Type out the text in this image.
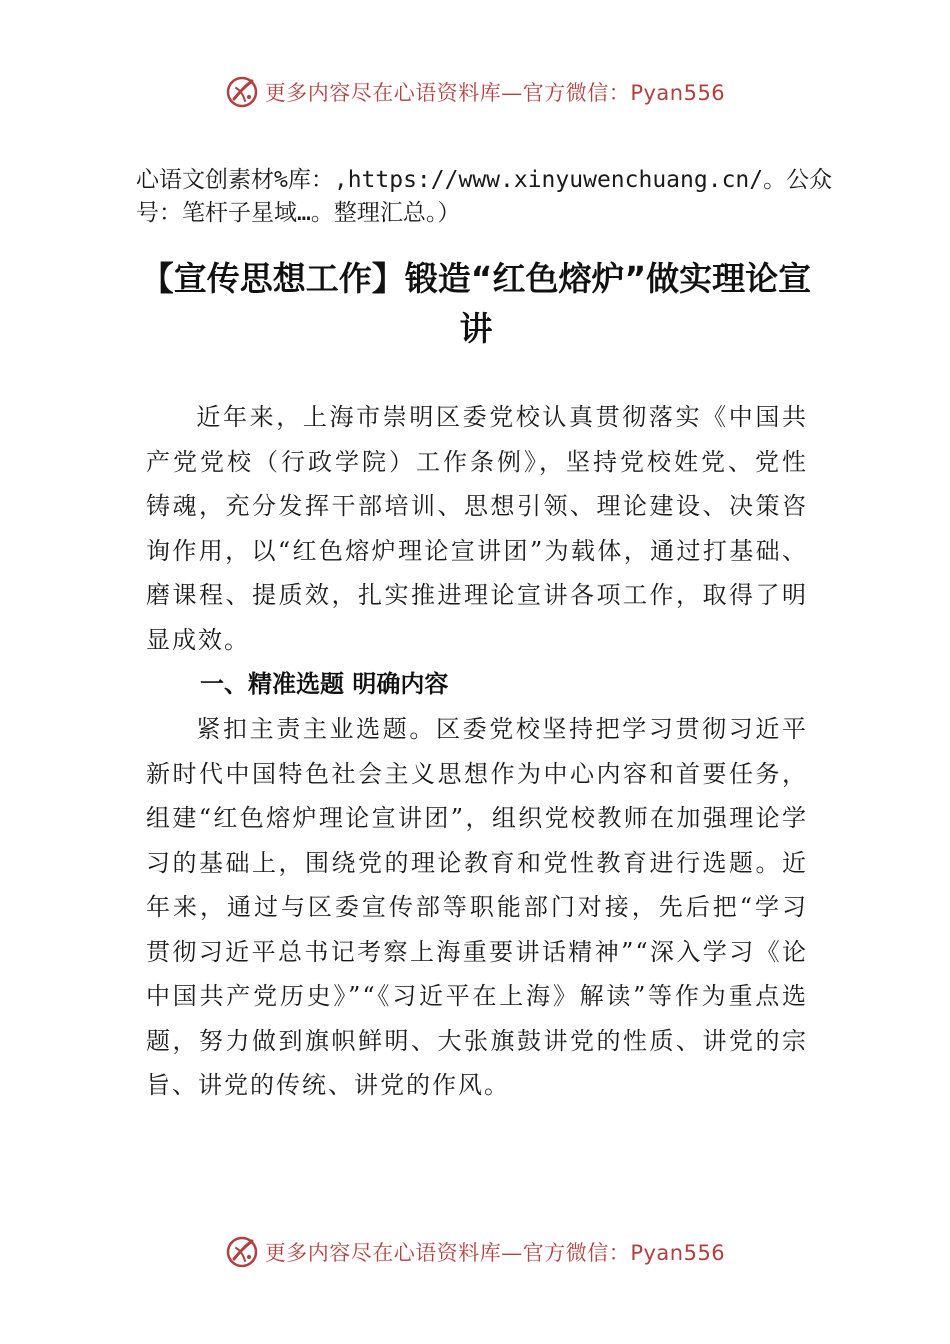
更多内容尽在心语资料库—官方微信：Pyan556
心语文创素材%库：,https://www.xinyuwenchuang.cn/。公众号：笔杆子星域…。整理汇总。）
【宣传思想工作】锻造“红色熔炉”做实理论宣讲

近年来，上海市崇明区委党校认真贯彻落实《中国共产党党校（行政学院）工作条例》，坚持党校姓党、党性铸魂，充分发挥干部培训、思想引领、理论建设、决策咨询作用，以“红色熔炉理论宣讲团”为载体，通过打基础、磨课程、提质效，扎实推进理论宣讲各项工作，取得了明显成效。

一、精准选题 明确内容

紧扣主责主业选题。区委党校坚持把学习贯彻习近平新时代中国特色社会主义思想作为中心内容和首要任务，组建“红色熔炉理论宣讲团”，组织党校教师在加强理论学习的基础上，围绕党的理论教育和党性教育进行选题。近年来，通过与区委宣传部等职能部门对接，先后把“学习贯彻习近平总书记考察上海重要讲话精神”“深入学习《论中国共产党历史》”“《习近平在上海》解读”等作为重点选题，努力做到旗帜鲜明、大张旗鼓讲党的性质、讲党的宗旨、讲党的传统、讲党的作风。

更多内容尽在心语资料库—官方微信：Pyan556
